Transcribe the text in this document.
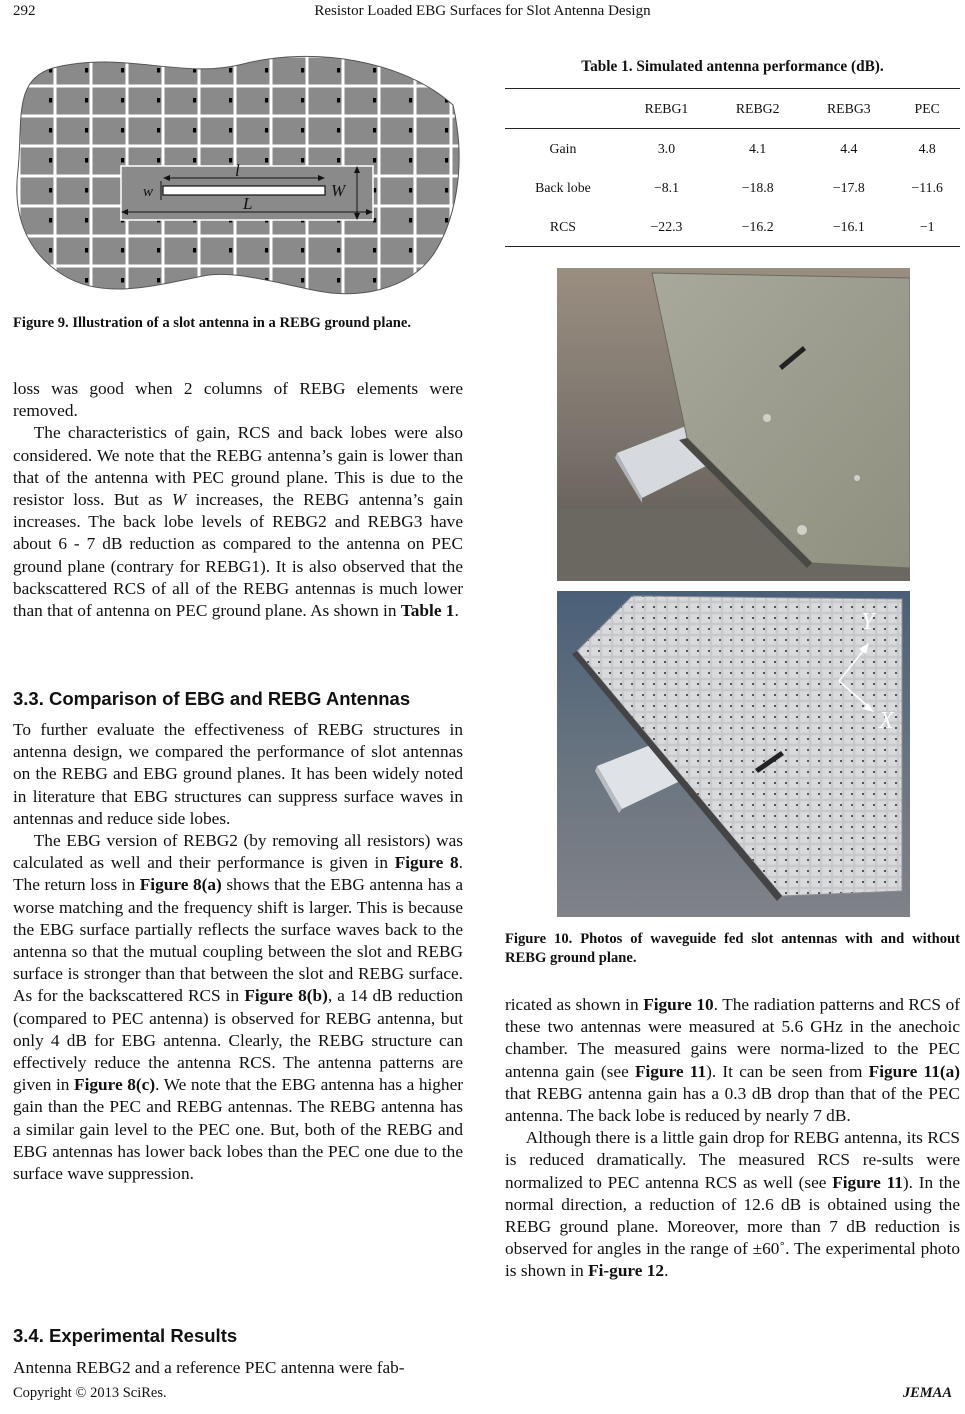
292	Resistor Loaded EBG Surfaces for Slot Antenna Design
l
w
L
W
Figure 9. Illustration of a slot antenna in a REBG ground plane.

loss was good when 2 columns of REBG elements were removed.

The characteristics of gain, RCS and back lobes were also considered. We note that the REBG antenna’s gain is lower than that of the antenna with PEC ground plane. This is due to the resistor loss. But as W increases, the REBG antenna’s gain increases. The back lobe levels of REBG2 and REBG3 have about 6 - 7 dB reduction as compared to the antenna on PEC ground plane (contrary for REBG1). It is also observed that the backscattered RCS of all of the REBG antennas is much lower than that of antenna on PEC ground plane. As shown in Table 1.

3.3. Comparison of EBG and REBG Antennas

To further evaluate the effectiveness of REBG structures in antenna design, we compared the performance of slot antennas on the REBG and EBG ground planes. It has been widely noted in literature that EBG structures can suppress surface waves in antennas and reduce side lobes.

The EBG version of REBG2 (by removing all resistors) was calculated as well and their performance is given in Figure 8. The return loss in Figure 8(a) shows that the EBG antenna has a worse matching and the frequency shift is larger. This is because the EBG surface partially reflects the surface waves back to the antenna so that the mutual coupling between the slot and REBG surface is stronger than that between the slot and REBG surface. As for the backscattered RCS in Figure 8(b), a 14 dB reduction (compared to PEC antenna) is observed for REBG antenna, but only 4 dB for EBG antenna. Clearly, the REBG structure can effectively reduce the antenna RCS. The antenna patterns are given in Figure 8(c). We note that the EBG antenna has a higher gain than the PEC and REBG antennas. The REBG antenna has a similar gain level to the PEC one. But, both of the REBG and EBG antennas has lower back lobes than the PEC one due to the surface wave suppression.

3.4. Experimental Results

Antenna REBG2 and a reference PEC antenna were fab-

Table 1. Simulated antenna performance (dB).
	REBG1	REBG2	REBG3	PEC
Gain	3.0	4.1	4.4	4.8
Back lobe	−8.1	−18.8	−17.8	−11.6
RCS	−22.3	−16.2	−16.1	−1
Y
X
Figure 10. Photos of waveguide fed slot antennas with and without REBG ground plane.

ricated as shown in Figure 10. The radiation patterns and RCS of these two antennas were measured at 5.6 GHz in the anechoic chamber. The measured gains were norma-lized to the PEC antenna gain (see Figure 11). It can be seen from Figure 11(a) that REBG antenna gain has a 0.3 dB drop than that of the PEC antenna. The back lobe is reduced by nearly 7 dB.

Although there is a little gain drop for REBG antenna, its RCS is reduced dramatically. The measured RCS re-sults were normalized to PEC antenna RCS as well (see Figure 11). In the normal direction, a reduction of 12.6 dB is obtained using the REBG ground plane. Moreover, more than 7 dB reduction is observed for angles in the range of ±60˚. The experimental photo is shown in Fi-gure 12.

Copyright © 2013 SciRes.	JEMAA
